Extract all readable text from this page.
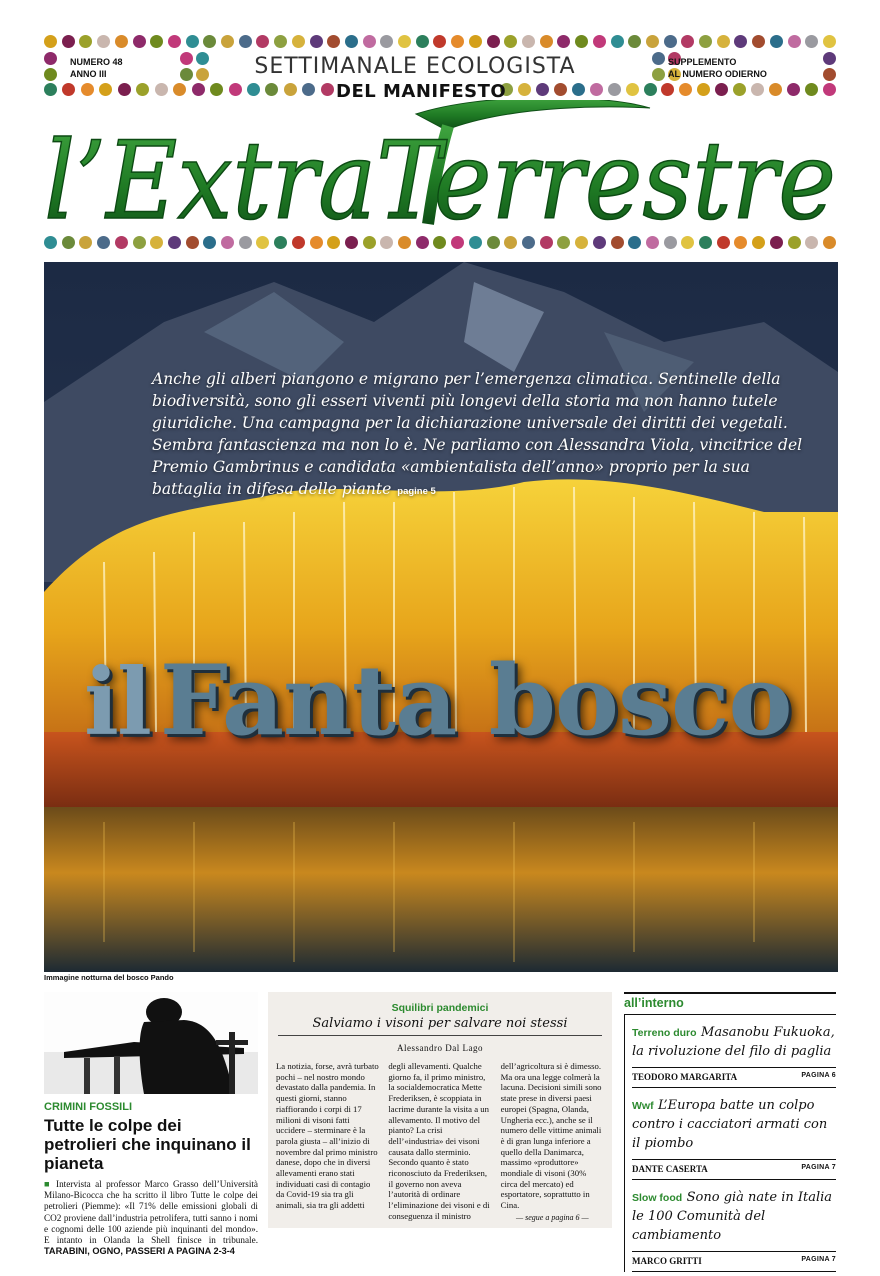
NUMERO 48
ANNO III	SETTIMANALE ECOLOGISTA
DEL MANIFESTO
SUPPLEMENTO
AL NUMERO ODIERNO
l’ExtraTerrestre
Anche gli alberi piangono e migrano per l’emergenza climatica. Sentinelle della biodiversità, sono gli esseri viventi più longevi della storia ma non hanno tutele giuridiche. Una campagna per la dichiarazione universale dei diritti dei vegetali. Sembra fantascienza ma non lo è. Ne parliamo con Alessandra Viola, vincitrice del Premio Gambrinus e candidata «ambientalista dell’anno» proprio per la sua battaglia in difesa delle piante pagine 5
il Fanta bosco
Immagine notturna del bosco Pando
CRIMINI FOSSILI
Tutte le colpe dei petrolieri che inquinano il pianeta
■ Intervista al professor Marco Grasso dell’Università Milano-Bicocca che ha scritto il libro Tutte le colpe dei petrolieri (Piemme): «Il 71% delle emissioni globali di CO2 proviene dall’industria petrolifera, tutti sanno i nomi e cognomi delle 100 aziende più inquinanti del mondo». E intanto in Olanda la Shell finisce in tribunale. TARABINI, OGNO, PASSERI A PAGINA 2-3-4
Squilibri pandemici
Salviamo i visoni per salvare noi stessi
Alessandro Dal Lago
La notizia, forse, avrà turbato pochi – nel nostro mondo devastato dalla pandemia. In questi giorni, stanno riaffiorando i corpi di 17 milioni di visoni fatti uccidere – sterminare è la parola giusta – all’inizio di novembre dal primo ministro danese, dopo che in diversi allevamenti erano stati individuati casi di contagio da Covid-19 sia tra gli animali, sia tra gli addetti
degli allevamenti. Qualche giorno fa, il primo ministro, la socialdemocratica Mette Frederiksen, è scoppiata in lacrime durante la visita a un allevamento. Il motivo del pianto? La crisi dell’«industria» dei visoni causata dallo sterminio. Secondo quanto è stato riconosciuto da Frederiksen, il governo non aveva l’autorità di ordinare l’eliminazione dei visoni e di conseguenza il ministro
dell’agricoltura si è dimesso. Ma ora una legge colmerà la lacuna. Decisioni simili sono state prese in diversi paesi europei (Spagna, Olanda, Ungheria ecc.), anche se il numero delle vittime animali è di gran lunga inferiore a quello della Danimarca, massimo «produttore» mondiale di visoni (30% circa del mercato) ed esportatore, soprattutto in Cina.
— segue a pagina 6 —
all’interno
Terreno duro Masanobu Fukuoka, la rivoluzione del filo di paglia
TEODORO MARGARITA	PAGINA 6
Wwf L’Europa batte un colpo contro i cacciatori armati con il piombo
DANTE CASERTA	PAGINA 7
Slow food Sono già nate in Italia le 100 Comunità del cambiamento
MARCO GRITTI	PAGINA 7
